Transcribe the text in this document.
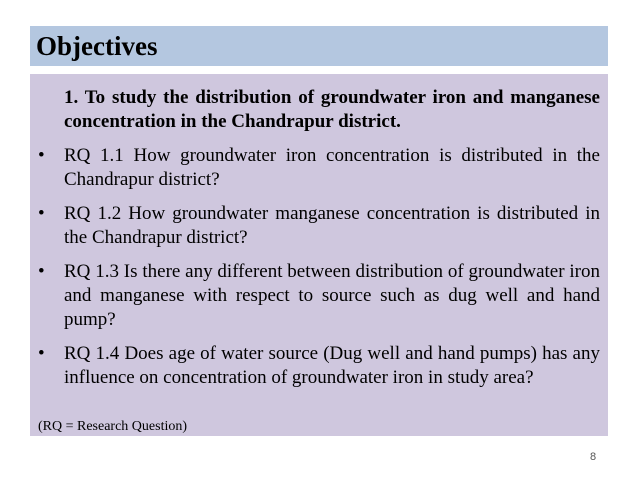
Objectives
1. To study the distribution of groundwater iron and manganese concentration in the Chandrapur district.
• RQ 1.1 How groundwater iron concentration is distributed in the Chandrapur district?
• RQ 1.2 How groundwater manganese concentration is distributed in the Chandrapur district?
• RQ 1.3 Is there any different between distribution of groundwater iron and manganese with respect to source such as dug well and hand pump?
• RQ 1.4 Does age of water source (Dug well and hand pumps) has any influence on concentration of groundwater iron in study area?
(RQ = Research Question)
8
